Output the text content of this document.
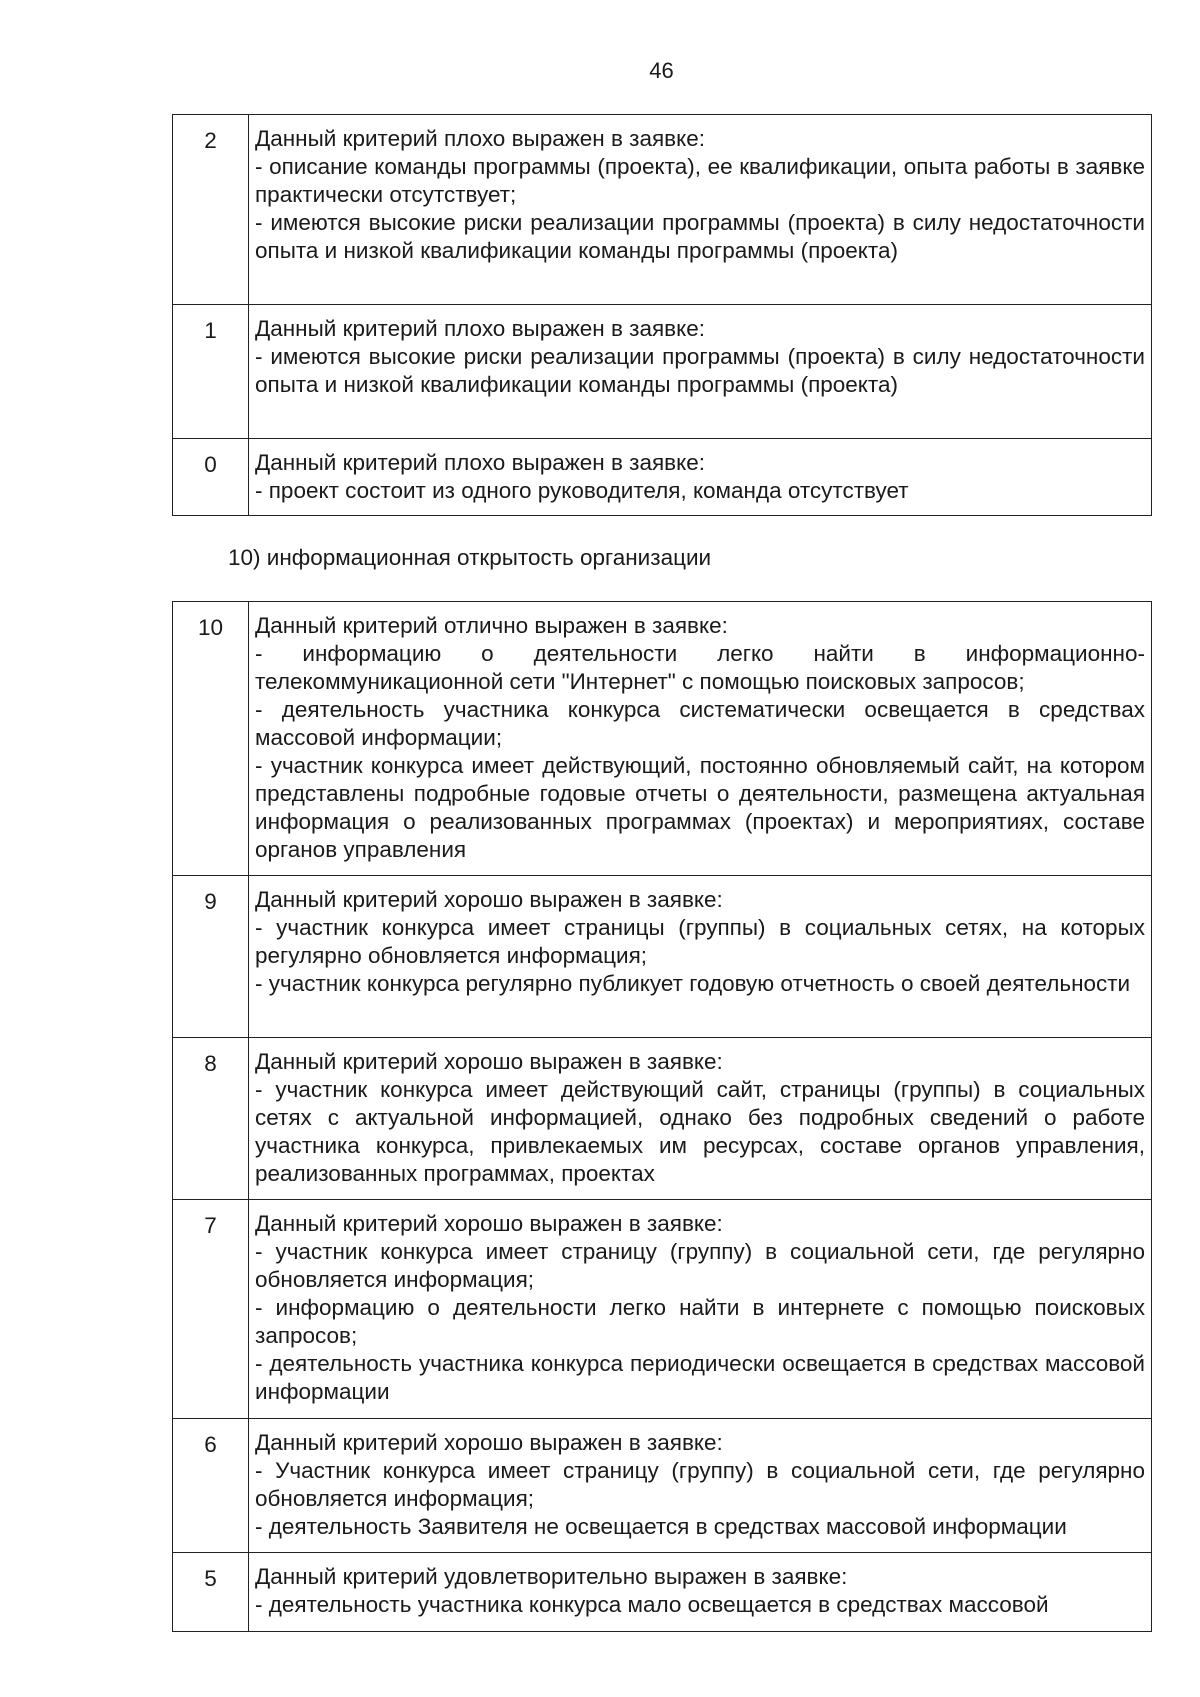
46
2	Данный критерий плохо выражен в заявке:
- описание команды программы (проекта), ее квалификации, опыта работы в заявке практически отсутствует;
- имеются высокие риски реализации программы (проекта) в силу недостаточности опыта и низкой квалификации команды программы (проекта)

1	Данный критерий плохо выражен в заявке:
- имеются высокие риски реализации программы (проекта) в силу недостаточности опыта и низкой квалификации команды программы (проекта)

0	Данный критерий плохо выражен в заявке:
- проект состоит из одного руководителя, команда отсутствует
10) информационная открытость организации
10	Данный критерий отлично выражен в заявке:
- информацию о деятельности легко найти в информационно-телекоммуникационной сети "Интернет" с помощью поисковых запросов;
- деятельность участника конкурса систематически освещается в средствах массовой информации;
- участник конкурса имеет действующий, постоянно обновляемый сайт, на котором представлены подробные годовые отчеты о деятельности, размещена актуальная информация о реализованных программах (проектах) и мероприятиях, составе органов управления

9	Данный критерий хорошо выражен в заявке:
- участник конкурса имеет страницы (группы) в социальных сетях, на которых регулярно обновляется информация;
- участник конкурса регулярно публикует годовую отчетность о своей деятельности

8	Данный критерий хорошо выражен в заявке:
- участник конкурса имеет действующий сайт, страницы (группы) в социальных сетях с актуальной информацией, однако без подробных сведений о работе участника конкурса, привлекаемых им ресурсах, составе органов управления, реализованных программах, проектах

7	Данный критерий хорошо выражен в заявке:
- участник конкурса имеет страницу (группу) в социальной сети, где регулярно обновляется информация;
- информацию о деятельности легко найти в интернете с помощью поисковых запросов;
- деятельность участника конкурса периодически освещается в средствах массовой информации

6	Данный критерий хорошо выражен в заявке:
- Участник конкурса имеет страницу (группу) в социальной сети, где регулярно обновляется информация;
- деятельность Заявителя не освещается в средствах массовой информации

5	Данный критерий удовлетворительно выражен в заявке:
- деятельность участника конкурса мало освещается в средствах массовой
